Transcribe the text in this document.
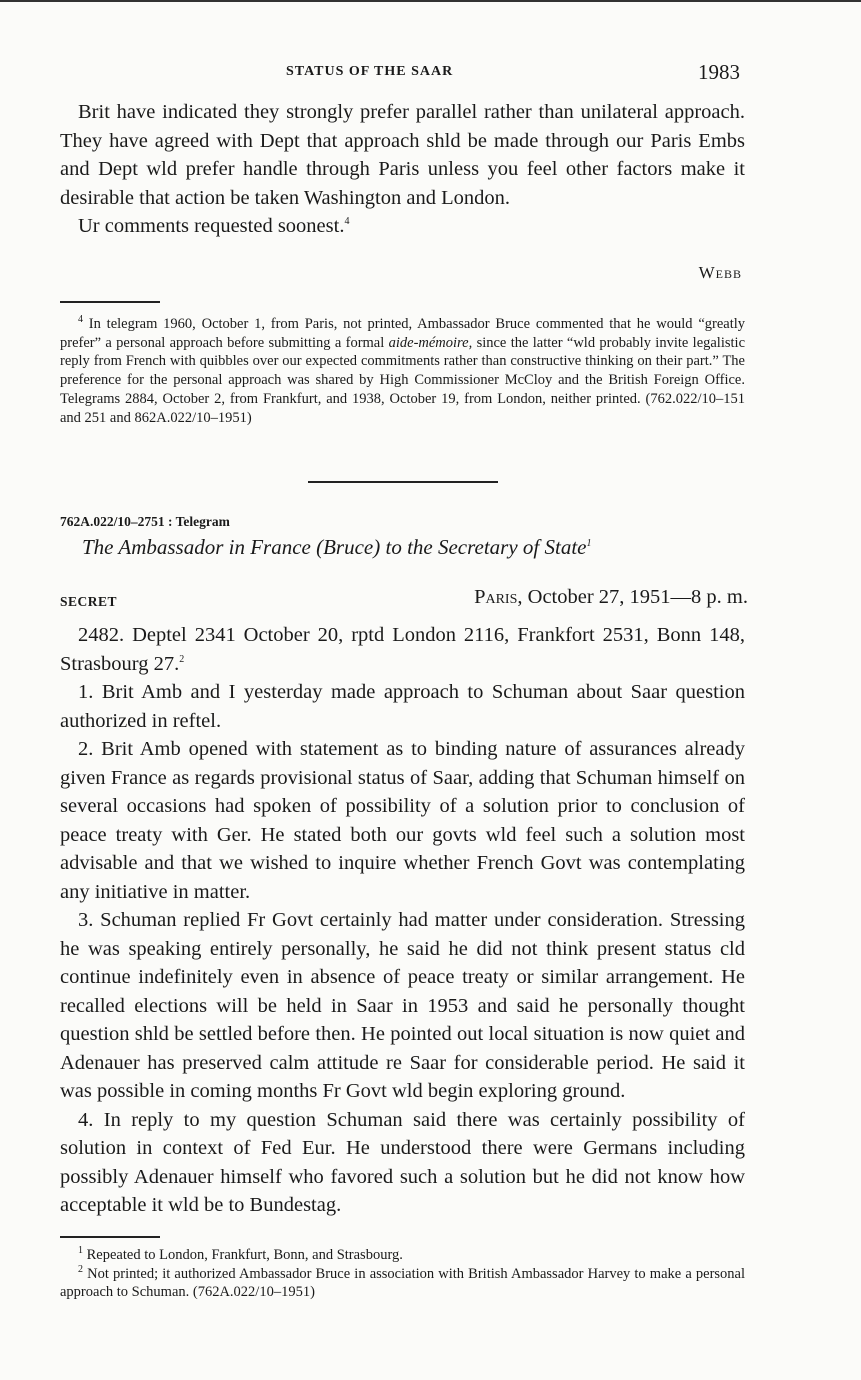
STATUS OF THE SAAR	1983

Brit have indicated they strongly prefer parallel rather than unilateral approach. They have agreed with Dept that approach shld be made through our Paris Embs and Dept wld prefer handle through Paris unless you feel other factors make it desirable that action be taken Washington and London.

Ur comments requested soonest.$^4$

Webb

$^4$ In telegram 1960, October 1, from Paris, not printed, Ambassador Bruce commented that he would “greatly prefer” a personal approach before submitting a formal aide-mémoire, since the latter “wld probably invite legalistic reply from French with quibbles over our expected commitments rather than constructive thinking on their part.” The preference for the personal approach was shared by High Commissioner McCloy and the British Foreign Office. Telegrams 2884, October 2, from Frankfurt, and 1938, October 19, from London, neither printed. (762.022/10–151 and 251 and 862A.022/10–1951)

762A.022/10–2751 : Telegram
The Ambassador in France (Bruce) to the Secretary of State$^1$
SECRET	Paris, October 27, 1951—8 p. m.

2482. Deptel 2341 October 20, rptd London 2116, Frankfort 2531, Bonn 148, Strasbourg 27.$^2$

1. Brit Amb and I yesterday made approach to Schuman about Saar question authorized in reftel.

2. Brit Amb opened with statement as to binding nature of assurances already given France as regards provisional status of Saar, adding that Schuman himself on several occasions had spoken of possibility of a solution prior to conclusion of peace treaty with Ger. He stated both our govts wld feel such a solution most advisable and that we wished to inquire whether French Govt was contemplating any initiative in matter.

3. Schuman replied Fr Govt certainly had matter under consideration. Stressing he was speaking entirely personally, he said he did not think present status cld continue indefinitely even in absence of peace treaty or similar arrangement. He recalled elections will be held in Saar in 1953 and said he personally thought question shld be settled before then. He pointed out local situation is now quiet and Adenauer has preserved calm attitude re Saar for considerable period. He said it was possible in coming months Fr Govt wld begin exploring ground.

4. In reply to my question Schuman said there was certainly possibility of solution in context of Fed Eur. He understood there were Germans including possibly Adenauer himself who favored such a solution but he did not know how acceptable it wld be to Bundestag.

$^1$ Repeated to London, Frankfurt, Bonn, and Strasbourg.

$^2$ Not printed; it authorized Ambassador Bruce in association with British Ambassador Harvey to make a personal approach to Schuman. (762A.022/10–1951)
